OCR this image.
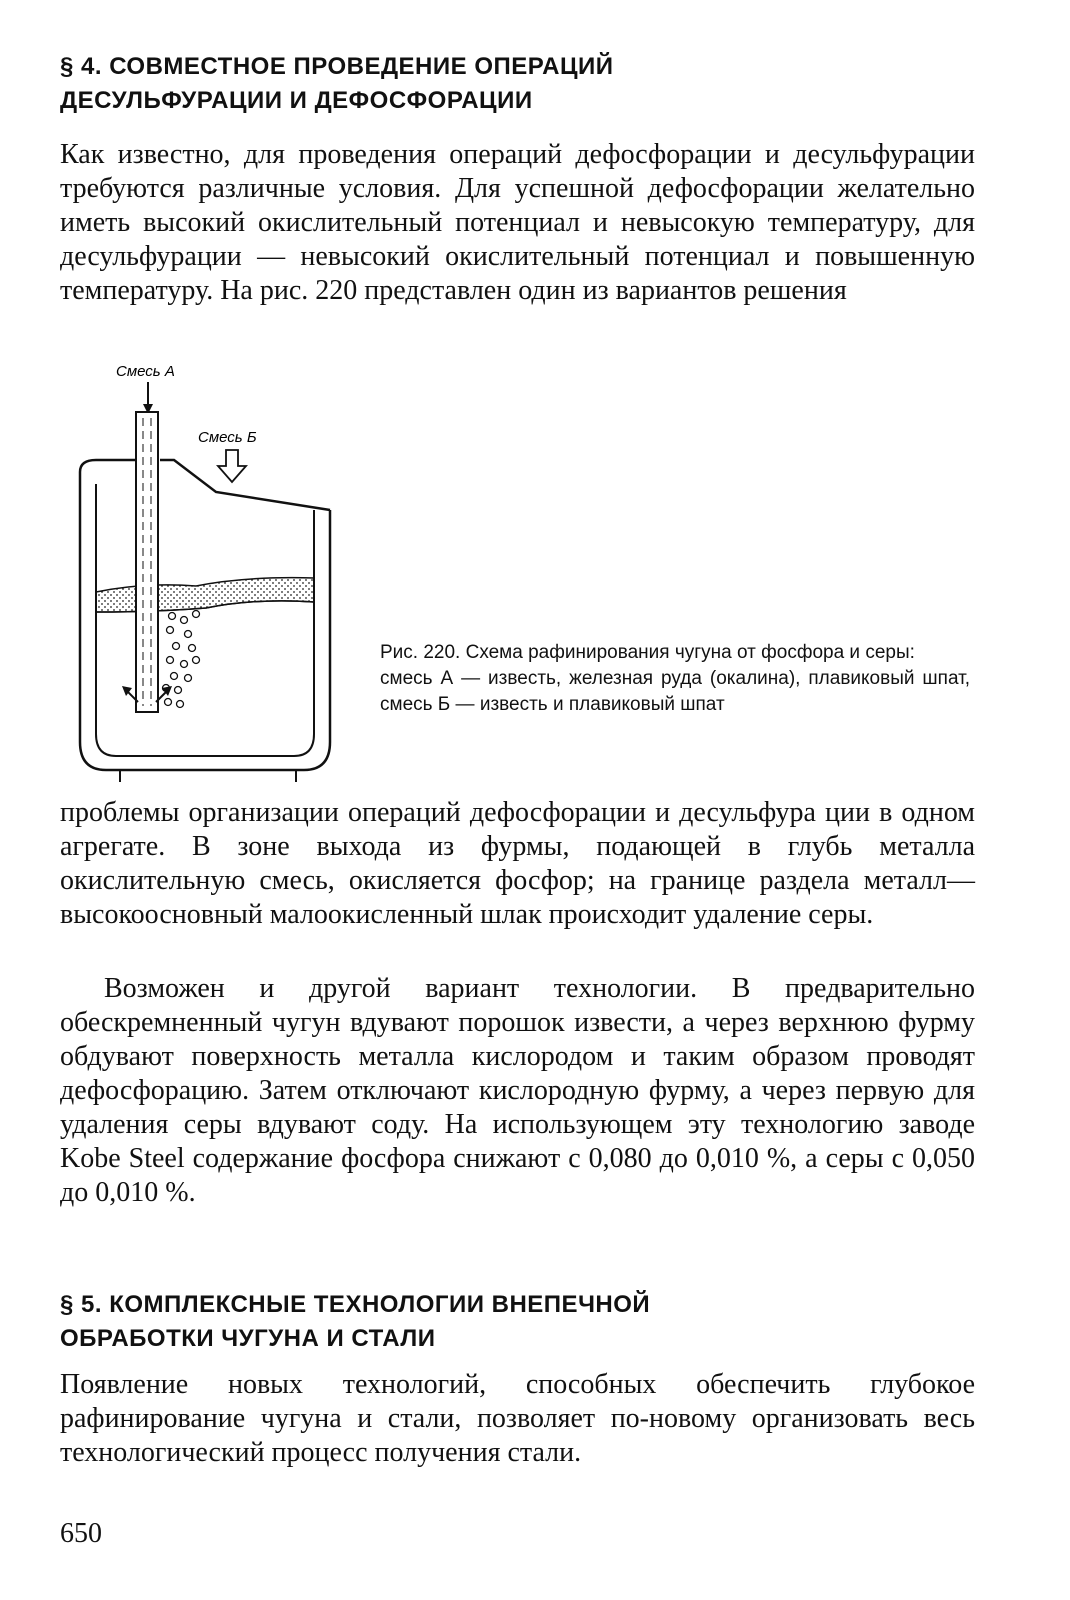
§ 4. СОВМЕСТНОЕ ПРОВЕДЕНИЕ ОПЕРАЦИЙ

ДЕСУЛЬФУРАЦИИ И ДЕФОСФОРАЦИИ

Как известно, для проведения операций дефосфорации и десульфурации требуются различные условия. Для успешной дефосфорации желательно иметь высокий окислительный потенциал и невысокую температуру, для десульфурации — невысокий окислительный потенциал и повышенную температуру. На рис. 220 представлен один из вариантов решения

Смесь А
Смесь Б

Рис. 220. Схема рафинирования чугуна от фосфора и серы:

смесь А — известь, железная руда (окалина), плавиковый шпат, смесь Б — известь и плавиковый шпат

проблемы организации операций дефосфорации и десульфура ции в одном агрегате. В зоне выхода из фурмы, подающей в глубь металла окислительную смесь, окисляется фосфор; на границе раздела металл—высокоосновный малоокисленный шлак происходит удаление серы.

Возможен и другой вариант технологии. В предварительно обескремненный чугун вдувают порошок извести, а через верхнюю фурму обдувают поверхность металла кислородом и таким образом проводят дефосфорацию. Затем отключают кислородную фурму, а через первую для удаления серы вдувают соду. На использующем эту технологию заводе Kobe Steel содержание фосфора снижают с 0,080 до 0,010 %, а серы с 0,050 до 0,010 %.

§ 5. КОМПЛЕКСНЫЕ ТЕХНОЛОГИИ ВНЕПЕЧНОЙ

ОБРАБОТКИ ЧУГУНА И СТАЛИ

Появление новых технологий, способных обеспечить глубокое рафинирование чугуна и стали, позволяет по-новому организовать весь технологический процесс получения стали.

650
